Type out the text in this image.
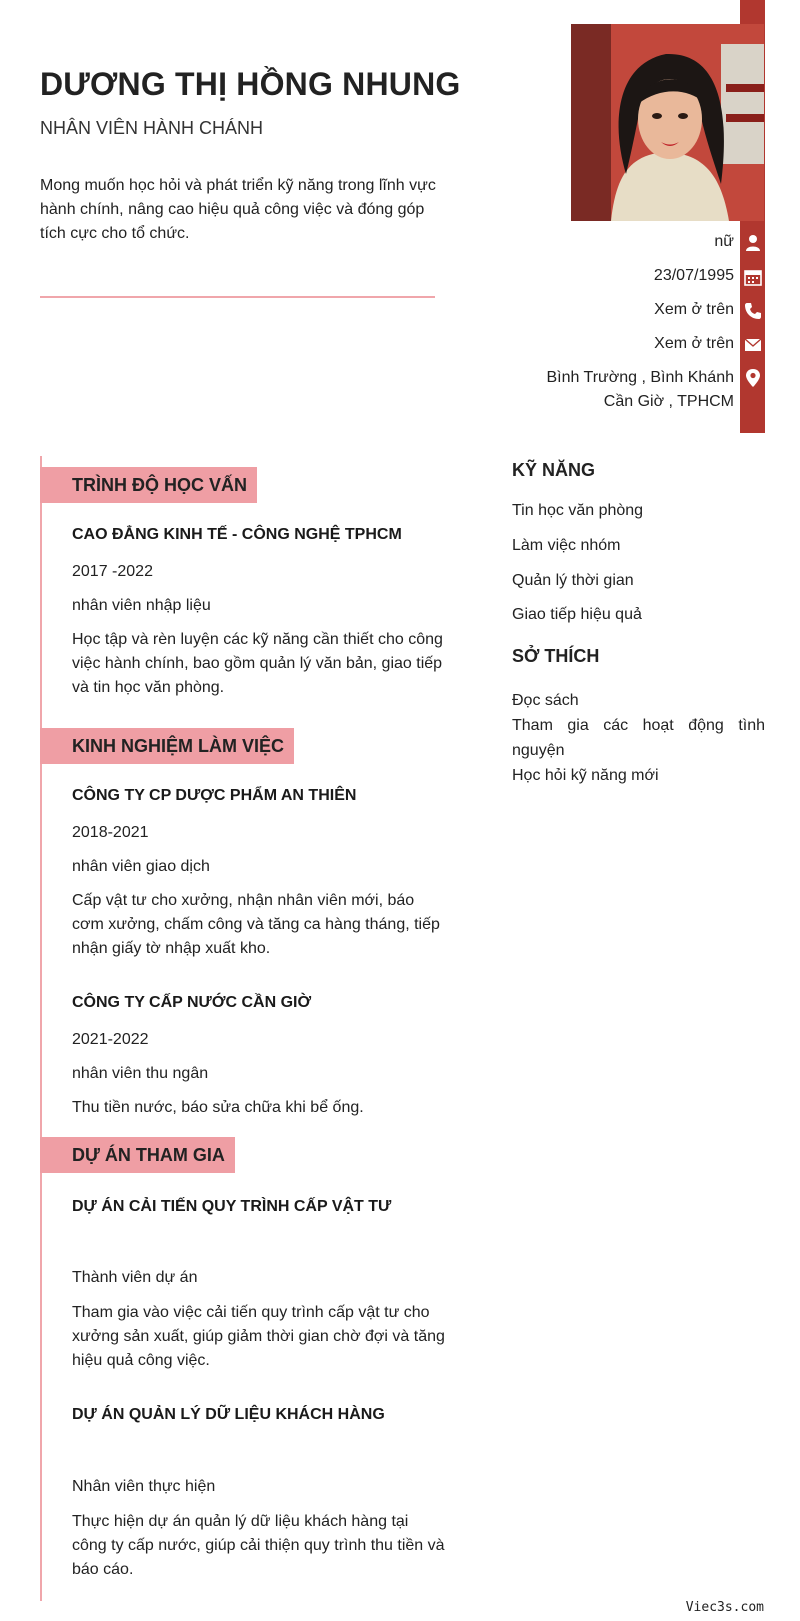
DƯƠNG THỊ HỒNG NHUNG
NHÂN VIÊN HÀNH CHÁNH
Mong muốn học hỏi và phát triển kỹ năng trong lĩnh vực hành chính, nâng cao hiệu quả công việc và đóng góp tích cực cho tổ chức.	nữ
23/07/1995
Xem ở trên
Xem ở trên
Bình Trường , Bình Khánh
Cần Giờ , TPHCM
TRÌNH ĐỘ HỌC VẤN
CAO ĐẲNG KINH TẾ - CÔNG NGHỆ TPHCM
2017 -2022
nhân viên nhập liệu
Học tập và rèn luyện các kỹ năng cần thiết cho công việc hành chính, bao gồm quản lý văn bản, giao tiếp và tin học văn phòng.
KINH NGHIỆM LÀM VIỆC
CÔNG TY CP DƯỢC PHẨM AN THIÊN
2018-2021
nhân viên giao dịch
Cấp vật tư cho xưởng, nhận nhân viên mới, báo cơm xưởng, chấm công và tăng ca hàng tháng, tiếp nhận giấy tờ nhập xuất kho.
CÔNG TY CẤP NƯỚC CẦN GIỜ
2021-2022
nhân viên thu ngân
Thu tiền nước, báo sửa chữa khi bể ống.
DỰ ÁN THAM GIA
DỰ ÁN CẢI TIẾN QUY TRÌNH CẤP VẬT TƯ
Thành viên dự án
Tham gia vào việc cải tiến quy trình cấp vật tư cho xưởng sản xuất, giúp giảm thời gian chờ đợi và tăng hiệu quả công việc.
DỰ ÁN QUẢN LÝ DỮ LIỆU KHÁCH HÀNG
Nhân viên thực hiện
Thực hiện dự án quản lý dữ liệu khách hàng tại công ty cấp nước, giúp cải thiện quy trình thu tiền và báo cáo.
KỸ NĂNG
Tin học văn phòng
Làm việc nhóm
Quản lý thời gian
Giao tiếp hiệu quả
SỞ THÍCH
Đọc sách
Tham gia các hoạt động tình nguyện
Học hỏi kỹ năng mới
Viec3s.com
